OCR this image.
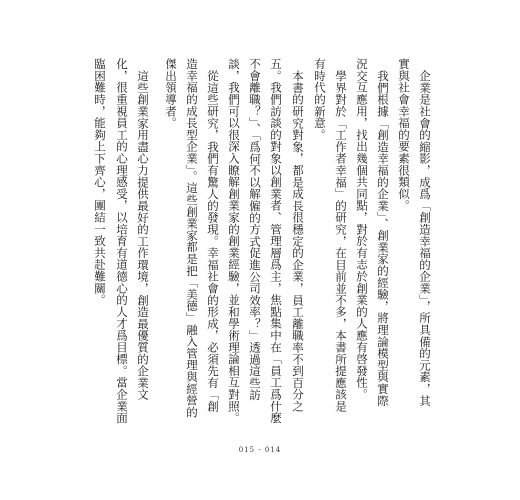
企業是社會的縮影，成爲「創造幸福的企業」，所具備的元素，其
實與社會幸福的要素很類似。
我們根據「創造幸福的企業」、創業家的經驗，將理論模型與實際
況交互應用，找出幾個共同點，對於有志於創業的人應有啓發性。
學界對於「工作者幸福」的研究，在目前並不多，本書所提應該是
有時代的新意。
本書的研究對象，都是成長很穩定的企業，員工離職率不到百分之
五。我們訪談的對象以創業者、管理層爲主，焦點集中在「員工爲什麼
不會離職？」、「爲何不以解僱的方式促進公司效率？」透過這些訪
談，我們可以很深入瞭解創業家的創業經驗，並和學術理論相互對照。
從這些研究，我們有驚人的發現。幸福社會的形成，必須先有「創
造幸福的成長型企業」。這些創業家都是把「美德」融入管理與經營的
傑出領導者。
這些創業家用盡心力提供最好的工作環境，創造最優質的企業文
化，很重視員工的心理感受，以培育有道德心的人才爲目標。當企業面
臨困難時，能夠上下齊心，團結一致共赴難關。
015 - 014
